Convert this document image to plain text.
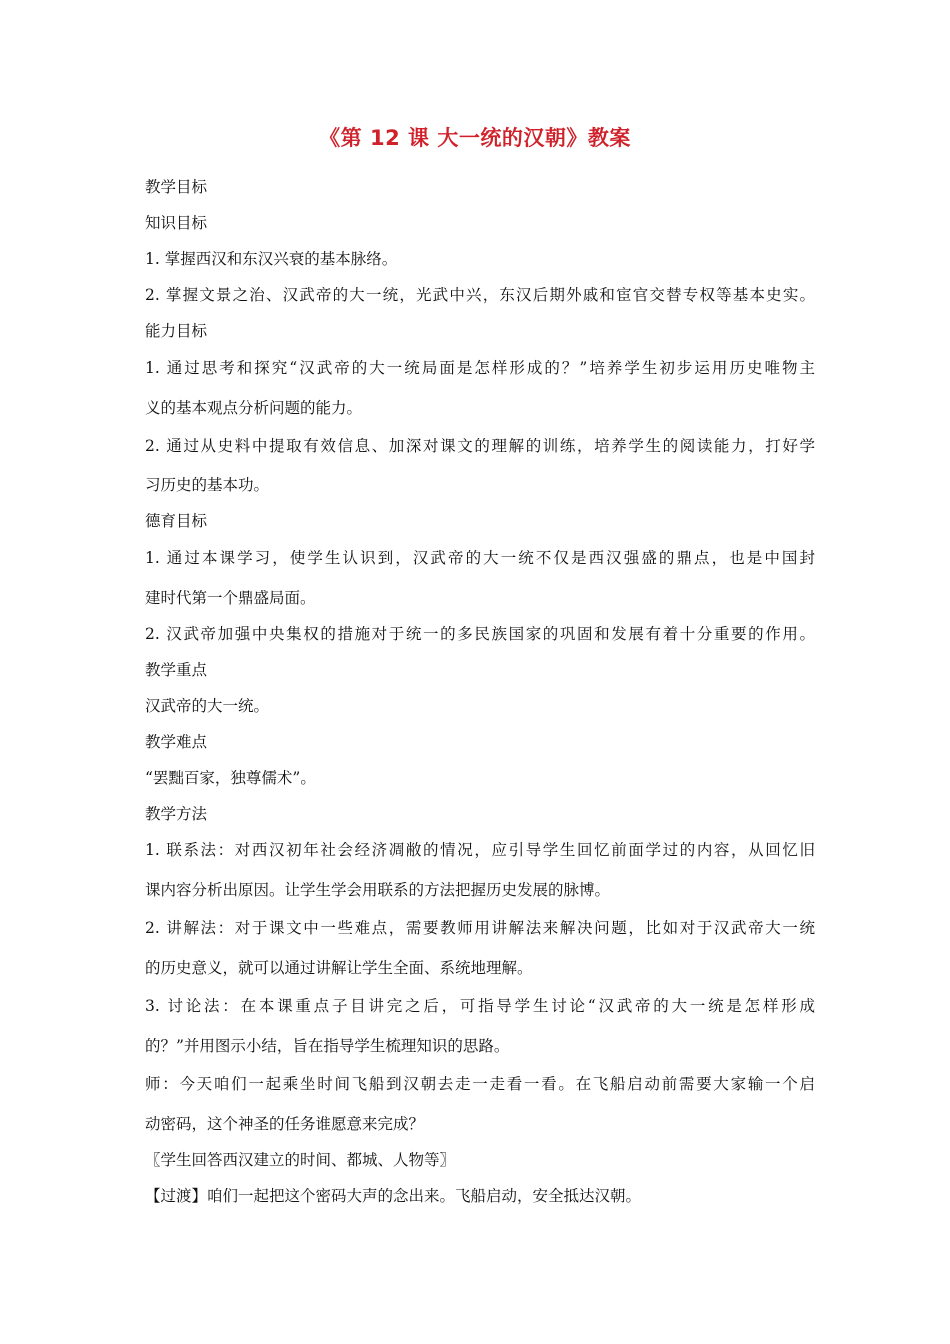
《第 12 课 大一统的汉朝》教案
教学目标
知识目标
1. 掌握西汉和东汉兴衰的基本脉络。
2. 掌握文景之治、汉武帝的大一统，光武中兴，东汉后期外戚和宦官交替专权等基本史实。
能力目标
1. 通过思考和探究“汉武帝的大一统局面是怎样形成的？”培养学生初步运用历史唯物主
义的基本观点分析问题的能力。
2. 通过从史料中提取有效信息、加深对课文的理解的训练，培养学生的阅读能力，打好学
习历史的基本功。
德育目标
1. 通过本课学习，使学生认识到，汉武帝的大一统不仅是西汉强盛的鼎点，也是中国封
建时代第一个鼎盛局面。
2. 汉武帝加强中央集权的措施对于统一的多民族国家的巩固和发展有着十分重要的作用。
教学重点
汉武帝的大一统。
教学难点
“罢黜百家，独尊儒术”。
教学方法
1. 联系法：对西汉初年社会经济凋敝的情况，应引导学生回忆前面学过的内容，从回忆旧
课内容分析出原因。让学生学会用联系的方法把握历史发展的脉博。
2. 讲解法：对于课文中一些难点，需要教师用讲解法来解决问题，比如对于汉武帝大一统
的历史意义，就可以通过讲解让学生全面、系统地理解。
3. 讨论法：在本课重点子目讲完之后，可指导学生讨论“汉武帝的大一统是怎样形成
的？”并用图示小结，旨在指导学生梳理知识的思路。
师：今天咱们一起乘坐时间飞船到汉朝去走一走看一看。在飞船启动前需要大家输一个启
动密码，这个神圣的任务谁愿意来完成？
〖学生回答西汉建立的时间、都城、人物等〗
【过渡】咱们一起把这个密码大声的念出来。飞船启动，安全抵达汉朝。
